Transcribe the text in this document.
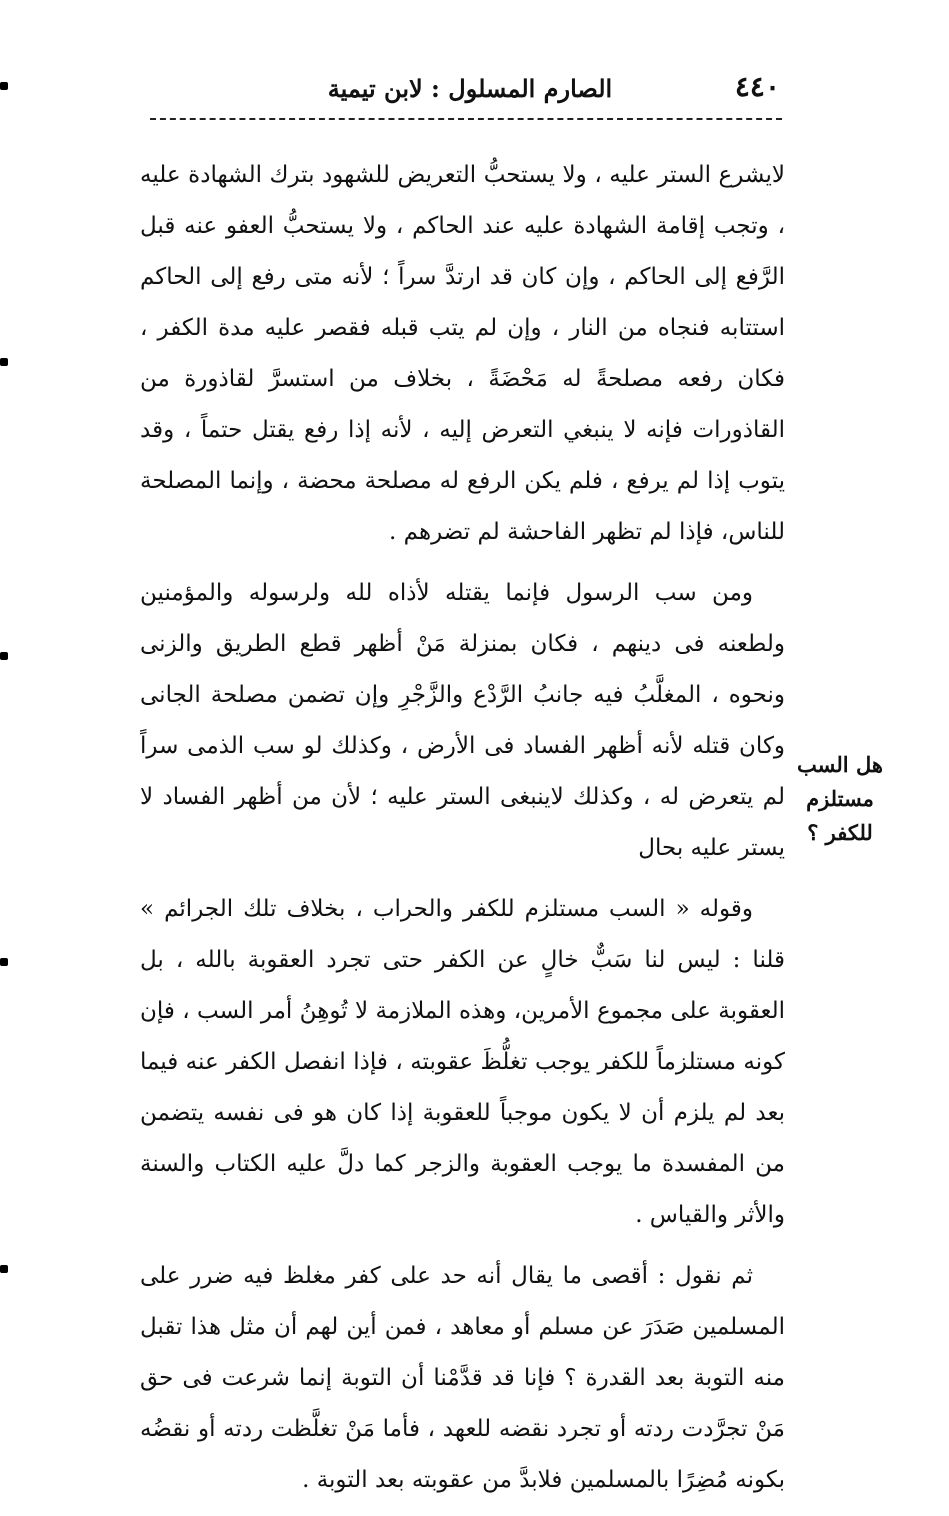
٤٤٠
الصارم المسلول : لابن تيمية
هل السب مستلزم للكفر ؟

لايشرع الستر عليه ، ولا يستحبُّ التعريض للشهود بترك الشهادة عليه ، وتجب إقامة الشهادة عليه عند الحاكم ، ولا يستحبُّ العفو عنه قبل الرَّفع إلى الحاكم ، وإن كان قد ارتدَّ سراً ؛ لأنه متى رفع إلى الحاكم استتابه فنجاه من النار ، وإن لم يتب قبله فقصر عليه مدة الكفر ، فكان رفعه مصلحةً له مَحْضَةً ، بخلاف من استسرَّ لقاذورة من القاذورات فإنه لا ينبغي التعرض إليه ، لأنه إذا رفع يقتل حتماً ، وقد يتوب إذا لم يرفع ، فلم يكن الرفع له مصلحة محضة ، وإنما المصلحة للناس، فإذا لم تظهر الفاحشة لم تضرهم .

ومن سب الرسول فإنما يقتله لأذاه لله ولرسوله والمؤمنين ولطعنه فى دينهم ، فكان بمنزلة مَنْ أظهر قطع الطريق والزنى ونحوه ، المغلَّبُ فيه جانبُ الرَّدْع والزَّجْرِ وإن تضمن مصلحة الجانى وكان قتله لأنه أظهر الفساد فى الأرض ، وكذلك لو سب الذمى سراً لم يتعرض له ، وكذلك لاينبغى الستر عليه ؛ لأن من أظهر الفساد لا يستر عليه بحال

وقوله « السب مستلزم للكفر والحراب ، بخلاف تلك الجرائم » قلنا : ليس لنا سَبٌّ خالٍ عن الكفر حتى تجرد العقوبة بالله ، بل العقوبة على مجموع الأمرين، وهذه الملازمة لا تُوهِنُ أمر السب ، فإن كونه مستلزماً للكفر يوجب تغلُّظَ عقوبته ، فإذا انفصل الكفر عنه فيما بعد لم يلزم أن لا يكون موجباً للعقوبة إذا كان هو فى نفسه يتضمن من المفسدة ما يوجب العقوبة والزجر كما دلَّ عليه الكتاب والسنة والأثر والقياس .

ثم نقول : أقصى ما يقال أنه حد على كفر مغلظ فيه ضرر على المسلمين صَدَرَ عن مسلم أو معاهد ، فمن أين لهم أن مثل هذا تقبل منه التوبة بعد القدرة ؟ فإنا قد قدَّمْنا أن التوبة إنما شرعت فى حق مَنْ تجرَّدت ردته أو تجرد نقضه للعهد ، فأما مَنْ تغلَّظت ردته أو نقضُه بكونه مُضِرًا بالمسلمين فلابدَّ من عقوبته بعد التوبة .
